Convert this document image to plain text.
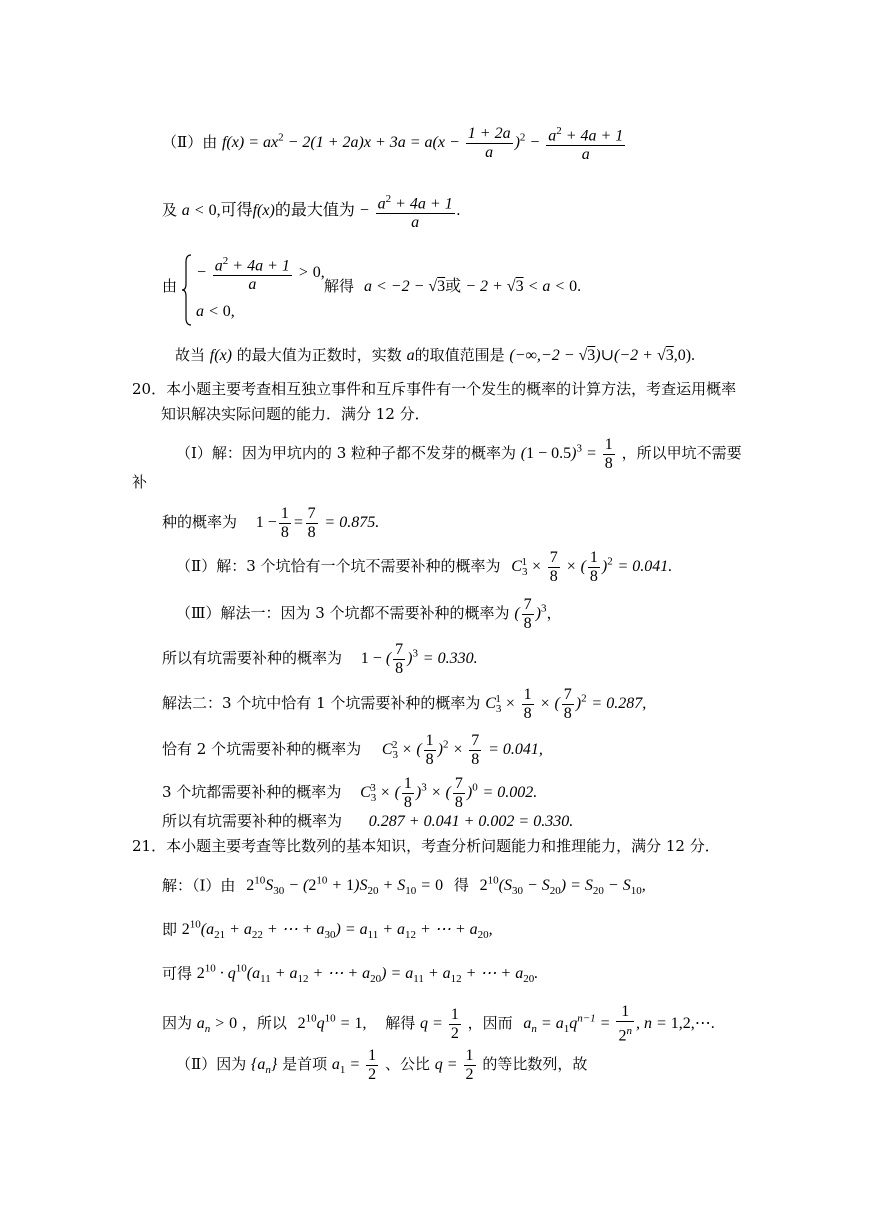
（Ⅱ）由 $f(x) = ax^2 - 2(1 + 2a)x + 3a = a(x - \frac{1 + 2a}{a} )^2 - \frac{a^2 + 4a + 1}{a}$
及 a < 0,可得f(x)的最大值为 − $\frac{a^2 + 4a + 1}{a}$ .
由
− $\frac{a^2 + 4a + 1}{a} > 0$,
a < 0,
解得 a < −2 − √3或 − 2 + √3 < a < 0.
故当 f(x) 的最大值为正数时，实数 a的取值范围是 (−∞,−2 − √3)∪(−2 + √3,0).
20．本小题主要考查相互独立事件和互斥事件有一个发生的概率的计算方法，考查运用概率
知识解决实际问题的能力．满分 12 分．
（Ⅰ）解：因为甲坑内的 3 粒种子都不发芽的概率为 $(1 - 0.5)^3 = \frac{1}{8}$ ，所以甲坑不需要
补
种的概率为 $1 - \frac{1}{8} = \frac{7}{8} = 0.875$.
（Ⅱ）解：3 个坑恰有一个坑不需要补种的概率为 $C_3^1 \times \frac{7}{8}$ × ( $\frac{1}{8} )^2 = 0.041$.
（Ⅲ）解法一：因为 3 个坑都不需要补种的概率为 ( $\frac{7}{8} )^3$，
所以有坑需要补种的概率为 1 − ( $\frac{7}{8} )^3 = 0.330$.
解法二：3 个坑中恰有 1 个坑需要补种的概率为 $C_3^1 \times \frac{1}{8}$ × ( $\frac{7}{8} )^2 = 0.287$,
恰有 2 个坑需要补种的概率为 $C_3^2$ × ( $\frac{1}{8} )^2 \times \frac{7}{8} = 0.041$,
3 个坑都需要补种的概率为 $C_3^3$ × ( $\frac{1}{8} )^3$ × ( $\frac{7}{8} )^0 = 0.002$.
所以有坑需要补种的概率为 0.287 + 0.041 + 0.002 = 0.330.
21．本小题主要考查等比数列的基本知识，考查分析问题能力和推理能力，满分 12 分．
解：（Ⅰ）由 $2^{10}S_{30} - (2^{10} + 1)S_{20} + S_{10} = 0$ 得 $2^{10}(S_{30} - S_{20}) = S_{20} - S_{10}$,
即 $2^{10}(a_{21} + a_{22}$ + ⋯ + $a_{30}) = a_{11} + a_{12}$ + ⋯ + $a_{20}$,
可得 $2^{10} \cdot q^{10}(a_{11} + a_{12}$ + ⋯ + $a_{20}) = a_{11} + a_{12}$ + ⋯ + $a_{20}$.
因为 $a_n > 0$ ，所以 $2^{10}q^{10} = 1$, 解得 $q = \frac{1}{2}$ ，因而 $a_n = a_1q^{n-1} = \frac{1}{2^n}$ , n = 1,2,⋯.
（Ⅱ）因为 $\{a_n\}$ 是首项 $a_1 = \frac{1}{2}$ 、公比 $q = \frac{1}{2}$ 的等比数列，故
